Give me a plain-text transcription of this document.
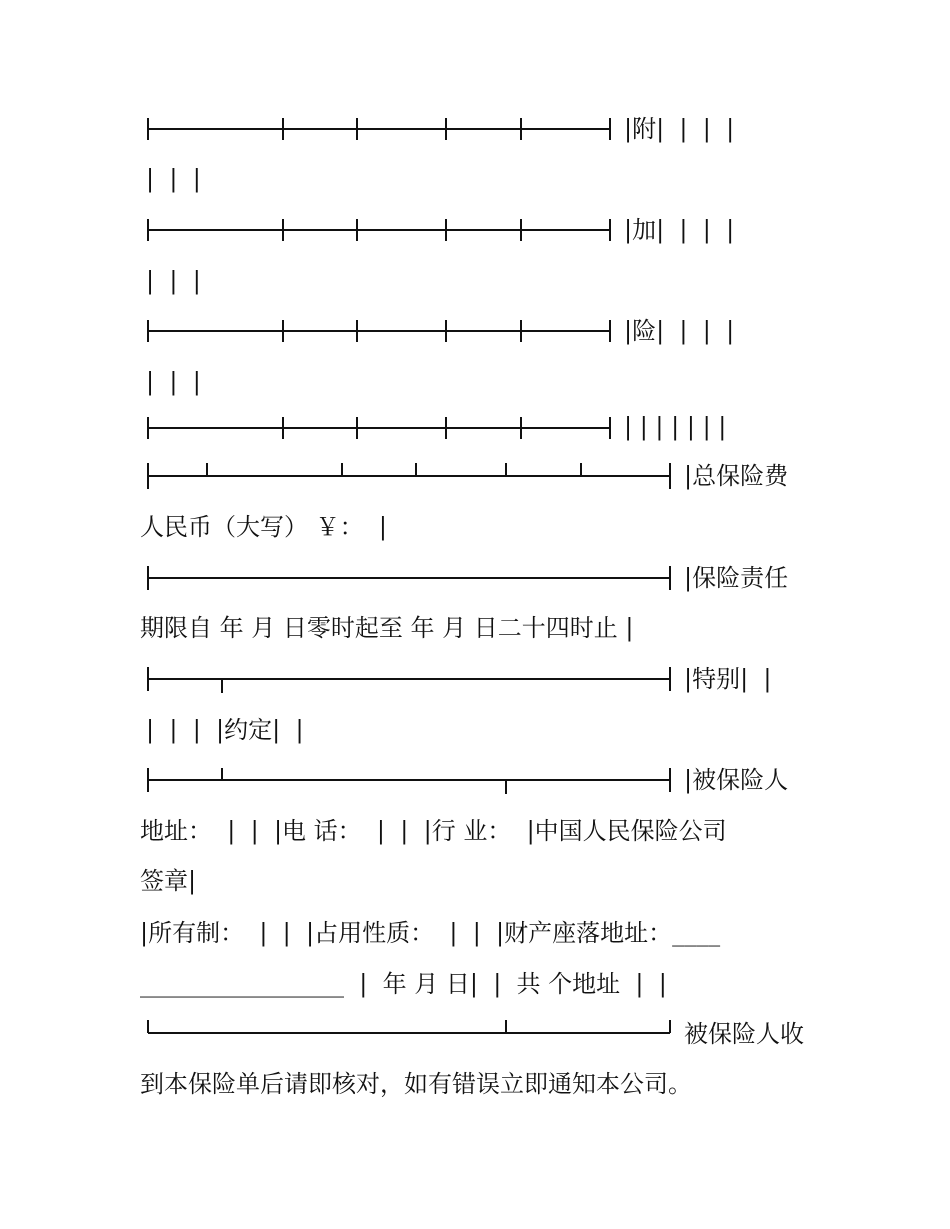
|附|  |  |  |
|  |  |
|加|  |  |  |
|  |  |
|险|  |  |  |
|  |  |
| | | | | | |
|总保险费
人民币（大写） ￥：  |
|保险责任
期限自 年 月 日零时起至 年 月 日二十四时止 |
|特别|  |
|  |  |  |约定|  |
|被保险人
地址：  |  |  |电 话：  |  |  |行 业：  |中国人民保险公司
签章|
|所有制：  |  |  |占用性质：  |  |  |财产座落地址：____
_________________  |  年 月 日|  |  共 个地址  |  |
被保险人收
到本保险单后请即核对，如有错误立即通知本公司。
